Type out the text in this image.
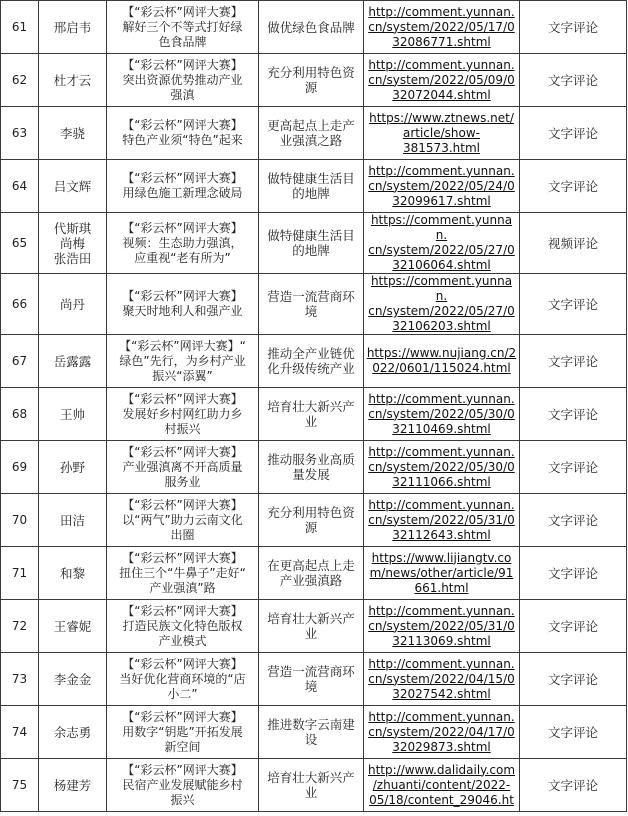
61	邢启韦	【“彩云杯”网评大赛】
解好三个不等式打好绿
色食品牌	做优绿色食品牌	http://comment.yunnan.
cn/system/2022/05/17/0
32086771.shtml	文字评论
62	杜才云	【“彩云杯”网评大赛】
突出资源优势推动产业
强滇	充分利用特色资
源	http://comment.yunnan.
cn/system/2022/05/09/0
32072044.shtml	文字评论
63	李骁	【“彩云杯”网评大赛】
特色产业须“特色”起来	更高起点上走产
业强滇之路	https://www.ztnews.net/
article/show-
381573.html	文字评论
64	吕文辉	【“彩云杯”网评大赛】
用绿色施工新理念破局	做特健康生活目
的地牌	http://comment.yunnan.
cn/system/2022/05/24/0
32099617.shtml	文字评论
65	代斯琪
尚梅
张浩田	【“彩云杯”网评大赛】
视频：生态助力强滇，
应重视“老有所为”	做特健康生活目
的地牌	https://comment.yunnan.
cn/system/2022/05/27/0
32106064.shtml	视频评论
66	尚丹	【“彩云杯”网评大赛】
聚天时地利人和强产业	营造一流营商环
境	https://comment.yunnan.
cn/system/2022/05/27/0
32106203.shtml	文字评论
67	岳露露	【“彩云杯”网评大赛】“
绿色”先行，为乡村产业
振兴“添翼”	推动全产业链优
化升级传统产业	https://www.nujiang.cn/2
022/0601/115024.html	文字评论
68	王帅	【“彩云杯”网评大赛】
发展好乡村网红助力乡
村振兴	培育壮大新兴产
业	http://comment.yunnan.
cn/system/2022/05/30/0
32110469.shtml	文字评论
69	孙野	【“彩云杯”网评大赛】
产业强滇离不开高质量
服务业	推动服务业高质
量发展	http://comment.yunnan.
cn/system/2022/05/30/0
32111066.shtml	文字评论
70	田洁	【“彩云杯”网评大赛】
以“两气”助力云南文化
出圈	充分利用特色资
源	http://comment.yunnan.
cn/system/2022/05/31/0
32112643.shtml	文字评论
71	和黎	【“彩云杯”网评大赛】
扭住三个“牛鼻子”走好“
产业强滇”路	在更高起点上走
产业强滇路	https://www.lijiangtv.co
m/news/other/article/91
661.html	文字评论
72	王睿妮	【“彩云杯”网评大赛】
打造民族文化特色版权
产业模式	培育壮大新兴产
业	http://comment.yunnan.
cn/system/2022/05/31/0
32113069.shtml	文字评论
73	李金金	【“彩云杯”网评大赛】
当好优化营商环境的“店
小二”	营造一流营商环
境	http://comment.yunnan.
cn/system/2022/04/15/0
32027542.shtml	文字评论
74	余志勇	【“彩云杯”网评大赛】
用数字“钥匙”开拓发展
新空间	推进数字云南建
设	http://comment.yunnan.
cn/system/2022/04/17/0
32029873.shtml	文字评论
75	杨建芳	【“彩云杯”网评大赛】
民宿产业发展赋能乡村
振兴	培育壮大新兴产
业	http://www.dalidaily.com
/zhuanti/content/2022-
05/18/content_29046.ht	文字评论
